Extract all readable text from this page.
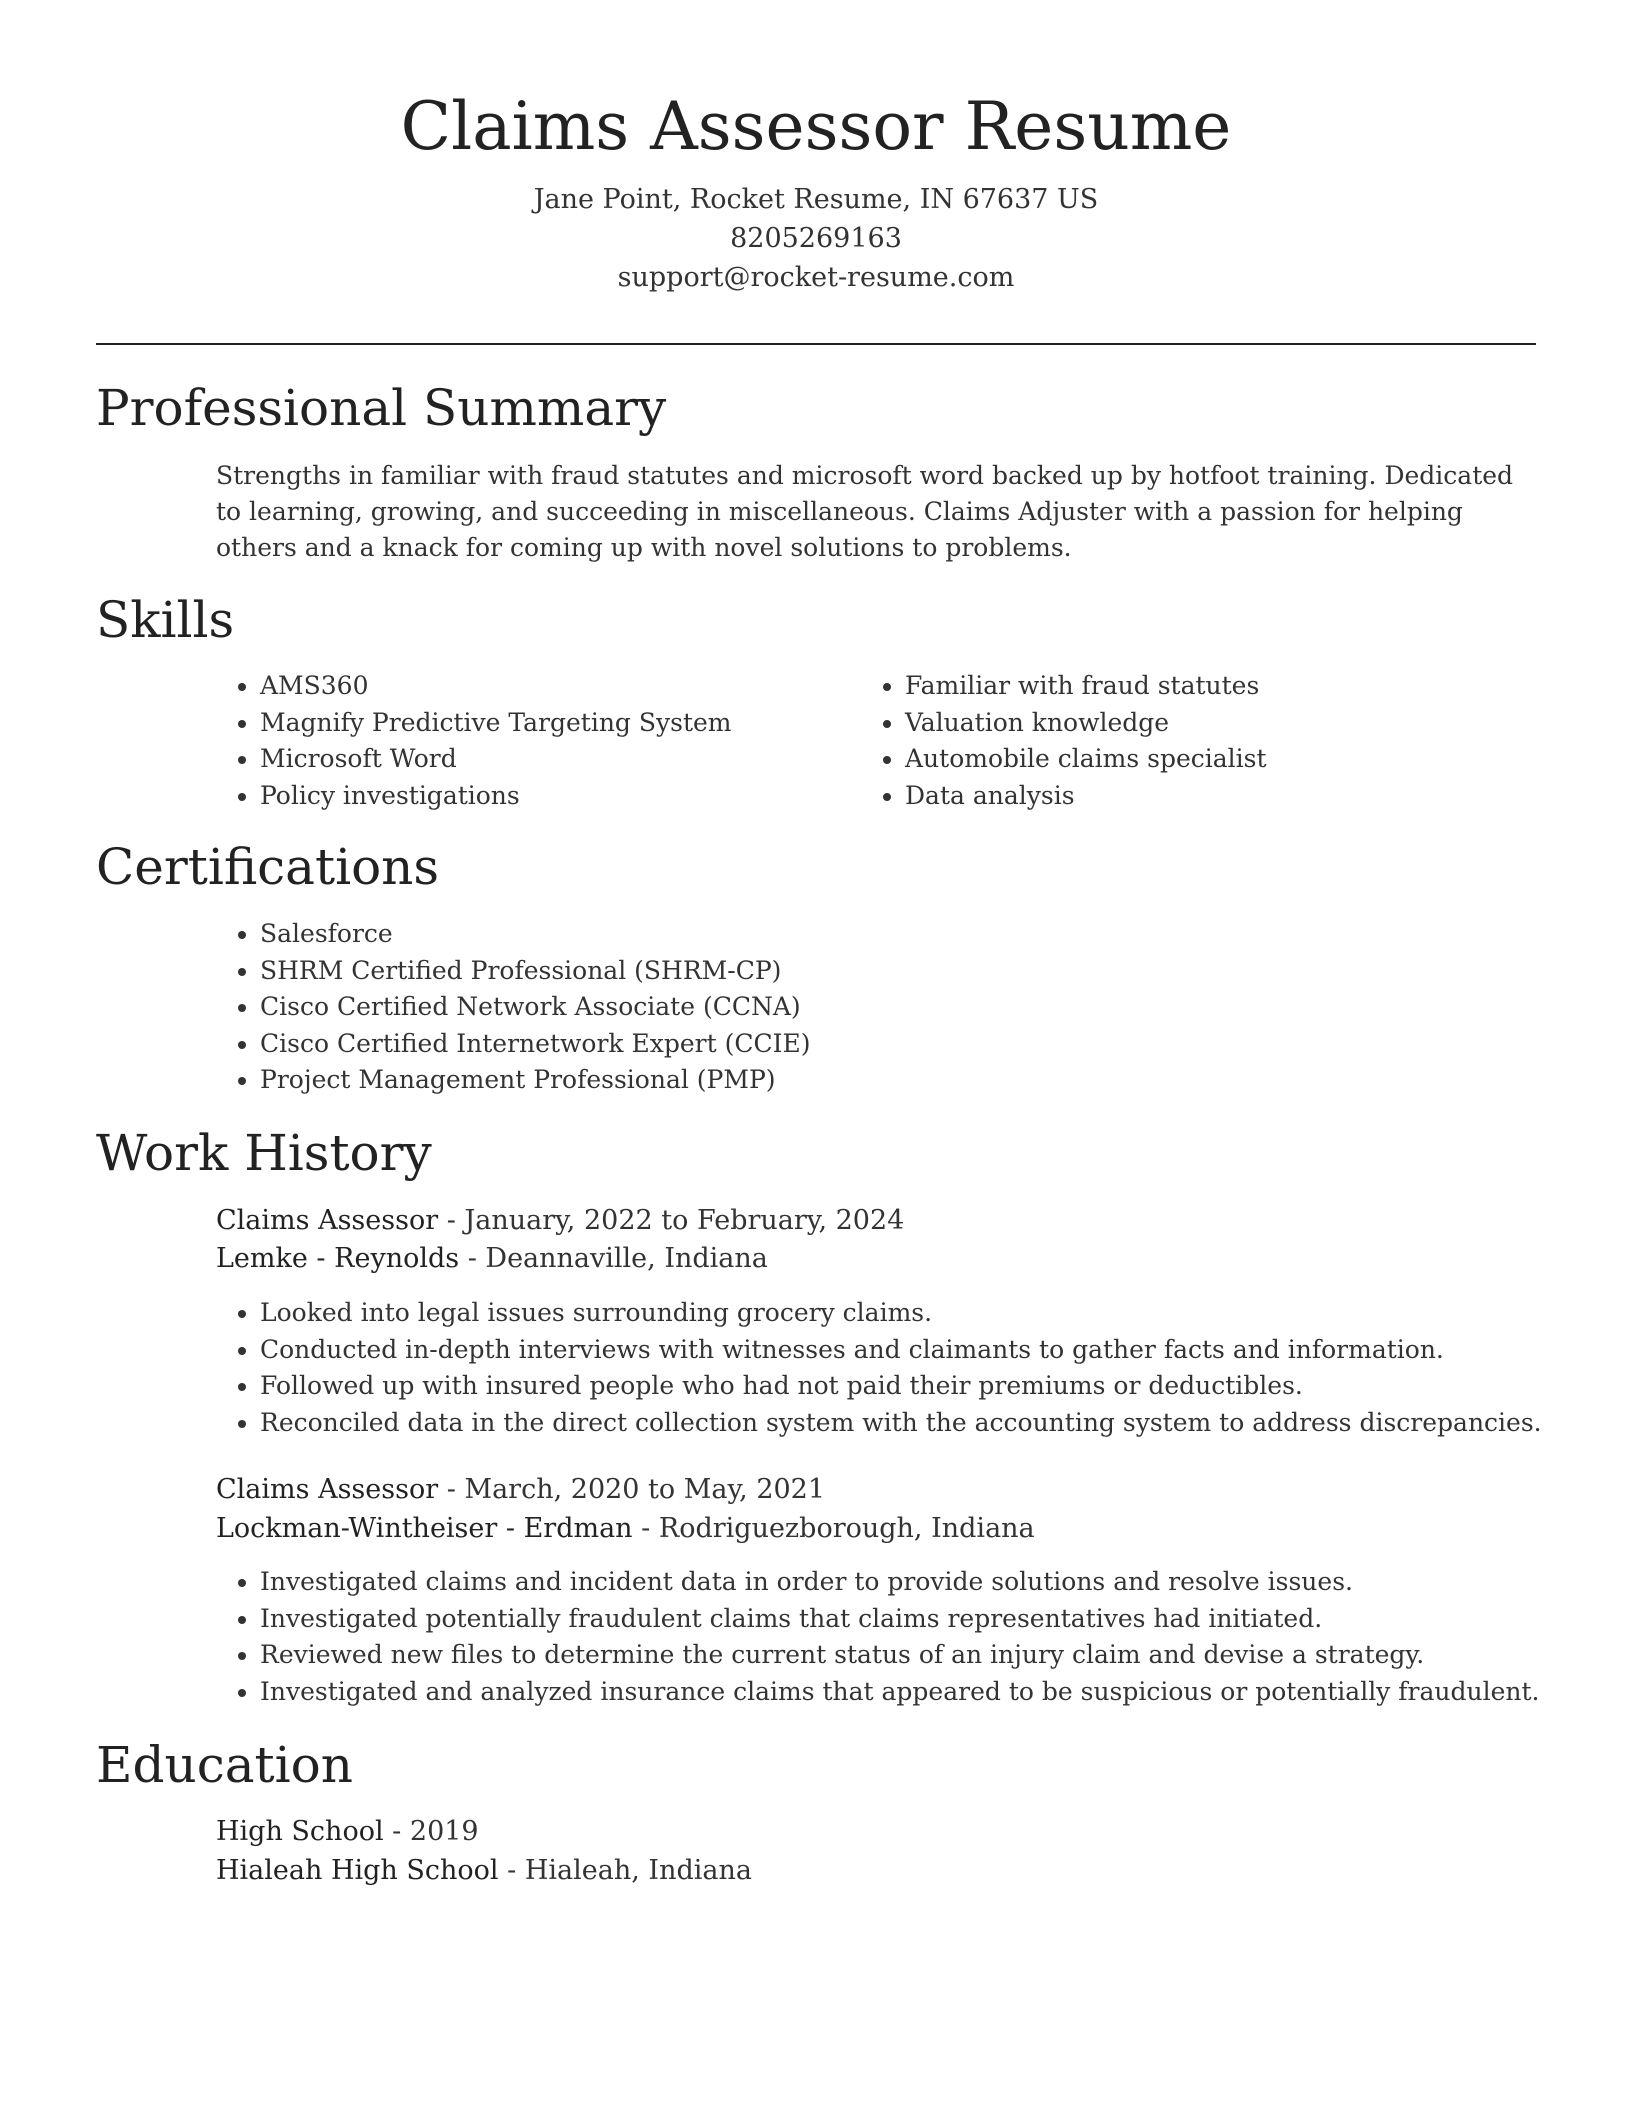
Claims Assessor Resume
Jane Point, Rocket Resume, IN 67637 US
8205269163
support@rocket-resume.com
Professional Summary

Strengths in familiar with fraud statutes and microsoft word backed up by hotfoot training. Dedicated to learning, growing, and succeeding in miscellaneous. Claims Adjuster with a passion for helping others and a knack for coming up with novel solutions to problems.

Skills
• AMS360
• Magnify Predictive Targeting System
• Microsoft Word
• Policy investigations
• Familiar with fraud statutes
• Valuation knowledge
• Automobile claims specialist
• Data analysis
Certifications
• Salesforce
• SHRM Certified Professional (SHRM-CP)
• Cisco Certified Network Associate (CCNA)
• Cisco Certified Internetwork Expert (CCIE)
• Project Management Professional (PMP)
Work History
Claims Assessor - January, 2022 to February, 2024
Lemke - Reynolds - Deannaville, Indiana
• Looked into legal issues surrounding grocery claims.
• Conducted in-depth interviews with witnesses and claimants to gather facts and information.
• Followed up with insured people who had not paid their premiums or deductibles.
• Reconciled data in the direct collection system with the accounting system to address discrepancies.
Claims Assessor - March, 2020 to May, 2021
Lockman-Wintheiser - Erdman - Rodriguezborough, Indiana
• Investigated claims and incident data in order to provide solutions and resolve issues.
• Investigated potentially fraudulent claims that claims representatives had initiated.
• Reviewed new files to determine the current status of an injury claim and devise a strategy.
• Investigated and analyzed insurance claims that appeared to be suspicious or potentially fraudulent.
Education
High School - 2019
Hialeah High School - Hialeah, Indiana
